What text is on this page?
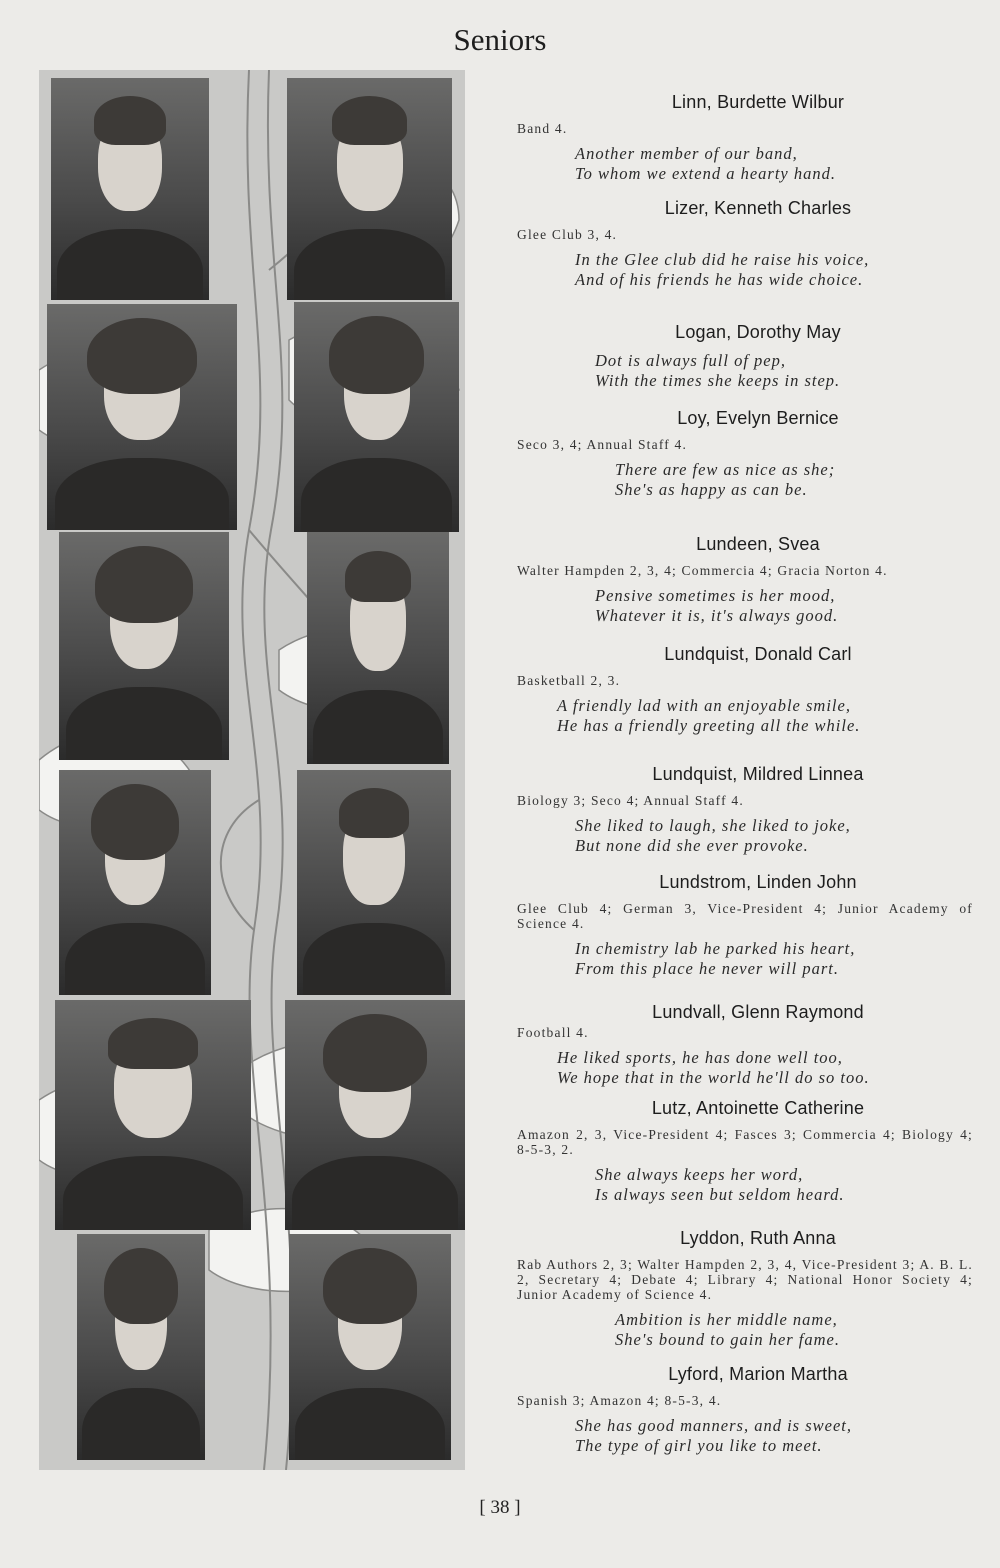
Seniors
Linn, Burdette Wilbur
Band 4.
Another member of our band,
To whom we extend a hearty hand.
Lizer, Kenneth Charles
Glee Club 3, 4.
In the Glee club did he raise his voice,
And of his friends he has wide choice.
Logan, Dorothy May
Dot is always full of pep,
With the times she keeps in step.
Loy, Evelyn Bernice
Seco 3, 4; Annual Staff 4.
There are few as nice as she;
She's as happy as can be.
Lundeen, Svea
Walter Hampden 2, 3, 4; Commercia 4; Gracia Norton 4.
Pensive sometimes is her mood,
Whatever it is, it's always good.
Lundquist, Donald Carl
Basketball 2, 3.
A friendly lad with an enjoyable smile,
He has a friendly greeting all the while.
Lundquist, Mildred Linnea
Biology 3; Seco 4; Annual Staff 4.
She liked to laugh, she liked to joke,
But none did she ever provoke.
Lundstrom, Linden John
Glee Club 4; German 3, Vice-President 4; Junior Academy of Science 4.
In chemistry lab he parked his heart,
From this place he never will part.
Lundvall, Glenn Raymond
Football 4.
He liked sports, he has done well too,
We hope that in the world he'll do so too.
Lutz, Antoinette Catherine
Amazon 2, 3, Vice-President 4; Fasces 3; Commercia 4; Biology 4; 8-5-3, 2.
She always keeps her word,
Is always seen but seldom heard.
Lyddon, Ruth Anna
Rab Authors 2, 3; Walter Hampden 2, 3, 4, Vice-President 3; A. B. L. 2, Secretary 4; Debate 4; Library 4; National Honor Society 4; Junior Academy of Science 4.
Ambition is her middle name,
She's bound to gain her fame.
Lyford, Marion Martha
Spanish 3; Amazon 4; 8-5-3, 4.
She has good manners, and is sweet,
The type of girl you like to meet.
[ 38 ]
